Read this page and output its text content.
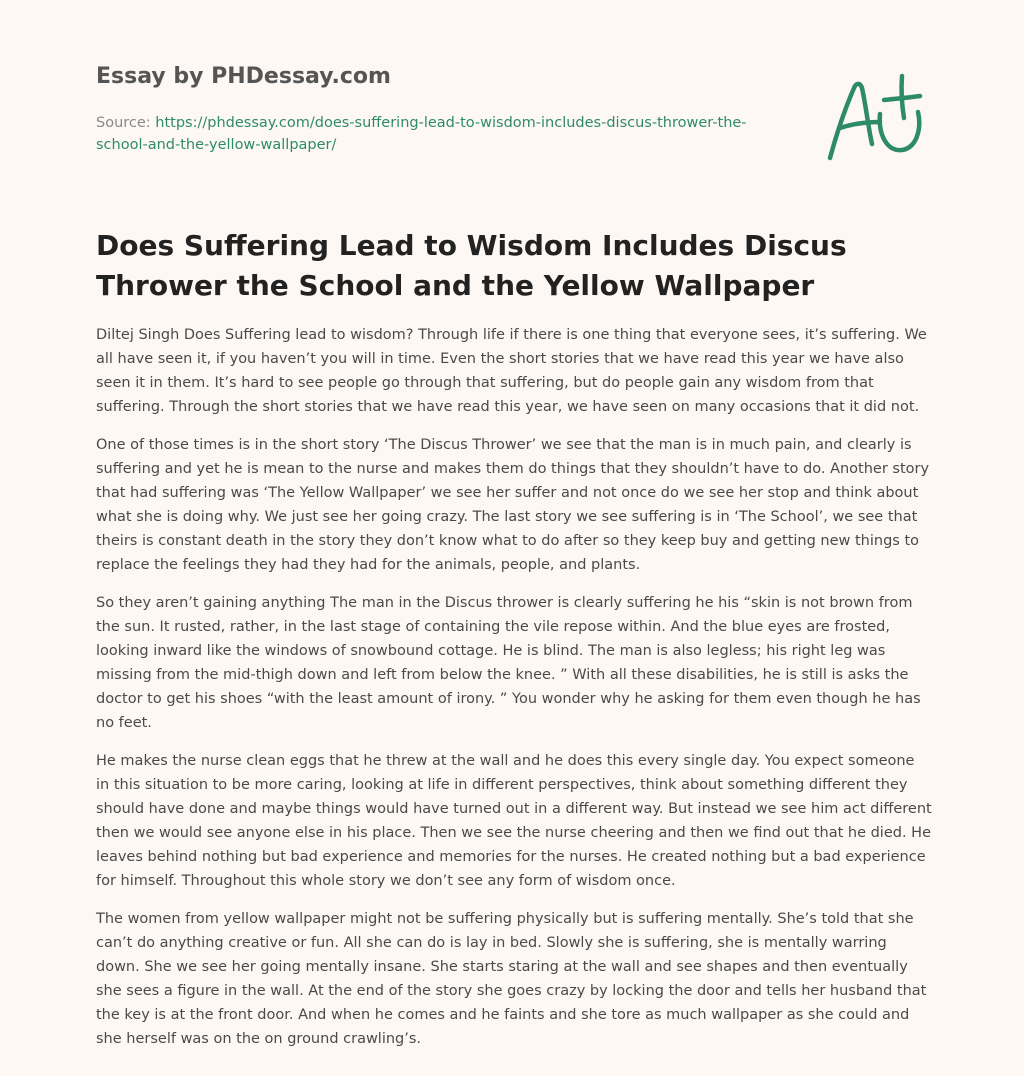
Essay by PHDessay.com
Source: https://phdessay.com/does-suffering-lead-to-wisdom-includes-discus-thrower-the-school-and-the-yellow-wallpaper/
Does Suffering Lead to Wisdom Includes Discus Thrower the School and the Yellow Wallpaper

Diltej Singh Does Suffering lead to wisdom? Through life if there is one thing that everyone sees, it’s suffering. We all have seen it, if you haven’t you will in time. Even the short stories that we have read this year we have also seen it in them. It’s hard to see people go through that suffering, but do people gain any wisdom from that suffering. Through the short stories that we have read this year, we have seen on many occasions that it did not.

One of those times is in the short story ‘The Discus Thrower’ we see that the man is in much pain, and clearly is suffering and yet he is mean to the nurse and makes them do things that they shouldn’t have to do. Another story that had suffering was ‘The Yellow Wallpaper’ we see her suffer and not once do we see her stop and think about what she is doing why. We just see her going crazy. The last story we see suffering is in ‘The School’, we see that theirs is constant death in the story they don’t know what to do after so they keep buy and getting new things to replace the feelings they had they had for the animals, people, and plants.

So they aren’t gaining anything The man in the Discus thrower is clearly suffering he his “skin is not brown from the sun. It rusted, rather, in the last stage of containing the vile repose within. And the blue eyes are frosted, looking inward like the windows of snowbound cottage. He is blind. The man is also legless; his right leg was missing from the mid-thigh down and left from below the knee. ” With all these disabilities, he is still is asks the doctor to get his shoes “with the least amount of irony. ” You wonder why he asking for them even though he has no feet.

He makes the nurse clean eggs that he threw at the wall and he does this every single day. You expect someone in this situation to be more caring, looking at life in different perspectives, think about something different they should have done and maybe things would have turned out in a different way. But instead we see him act different then we would see anyone else in his place. Then we see the nurse cheering and then we find out that he died. He leaves behind nothing but bad experience and memories for the nurses. He created nothing but a bad experience for himself. Throughout this whole story we don’t see any form of wisdom once.

The women from yellow wallpaper might not be suffering physically but is suffering mentally. She’s told that she can’t do anything creative or fun. All she can do is lay in bed. Slowly she is suffering, she is mentally warring down. She we see her going mentally insane. She starts staring at the wall and see shapes and then eventually she sees a figure in the wall. At the end of the story she goes crazy by locking the door and tells her husband that the key is at the front door. And when he comes and he faints and she tore as much wallpaper as she could and she herself was on the on ground crawling’s.
